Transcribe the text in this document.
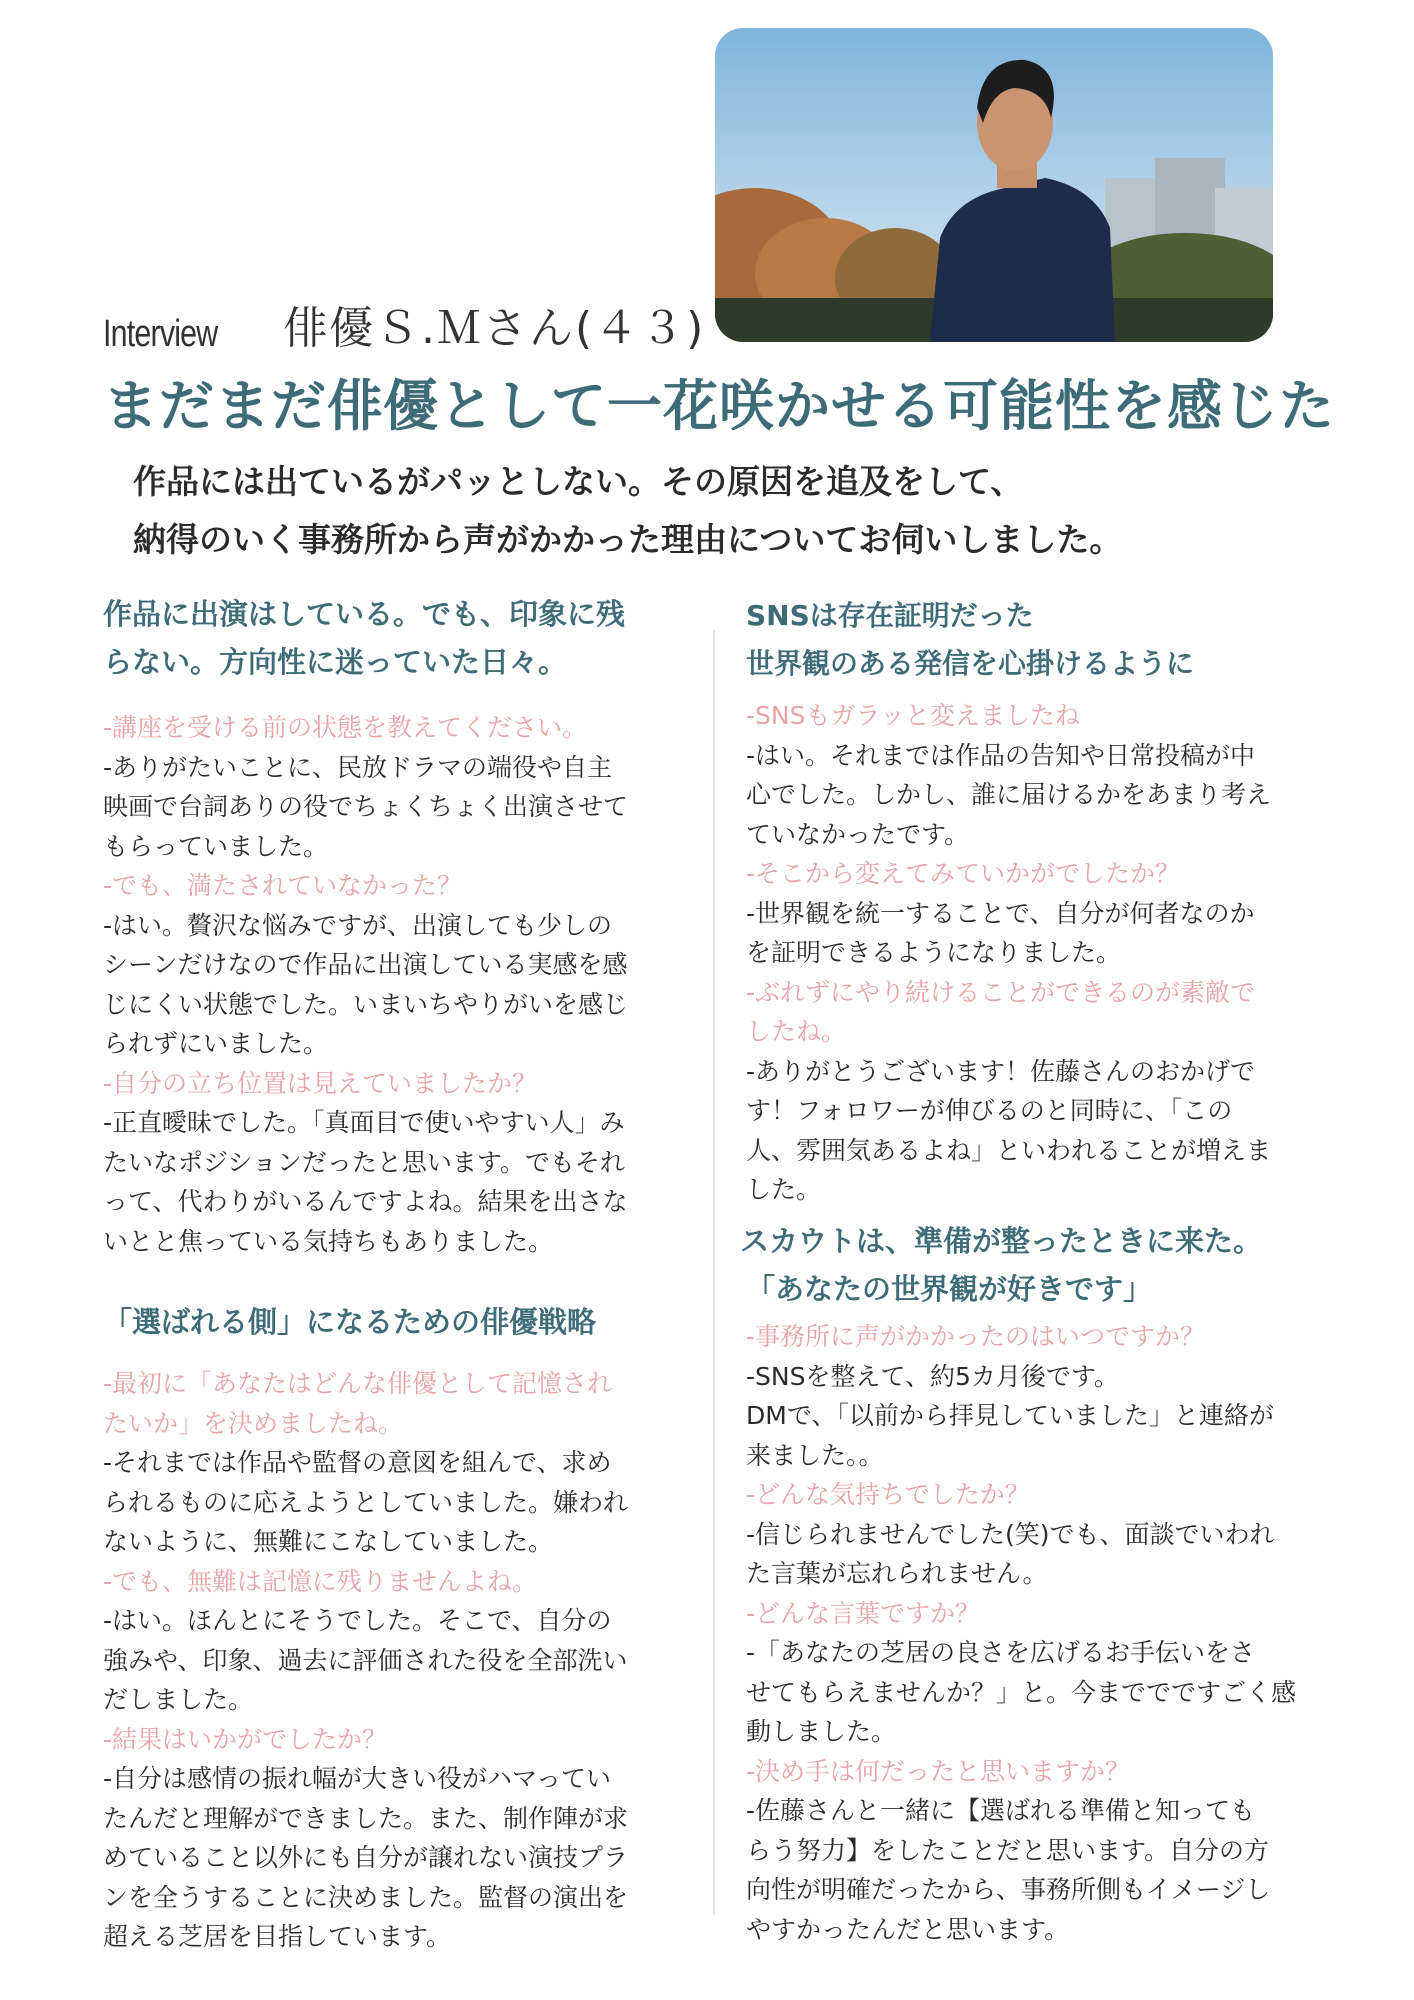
Interview 俳優Ｓ.Ｍさん(４３)
まだまだ俳優として一花咲かせる可能性を感じた
作品には出ているがパッとしない。その原因を追及をして、
納得のいく事務所から声がかかった理由についてお伺いしました。

作品に出演はしている。でも、印象に残

らない。方向性に迷っていた日々。

-講座を受ける前の状態を教えてください。

-ありがたいことに、民放ドラマの端役や自主

映画で台詞ありの役でちょくちょく出演させて

もらっていました。

-でも、満たされていなかった？

-はい。贅沢な悩みですが、出演しても少しの

シーンだけなので作品に出演している実感を感

じにくい状態でした。いまいちやりがいを感じ

られずにいました。

-自分の立ち位置は見えていましたか？

-正直曖昧でした。「真面目で使いやすい人」み

たいなポジションだったと思います。でもそれ

って、代わりがいるんですよね。結果を出さな

いとと焦っている気持ちもありました。

「選ばれる側」になるための俳優戦略

-最初に「あなたはどんな俳優として記憶され

たいか」を決めましたね。

-それまでは作品や監督の意図を組んで、求め

られるものに応えようとしていました。嫌われ

ないように、無難にこなしていました。

-でも、無難は記憶に残りませんよね。

-はい。ほんとにそうでした。そこで、自分の

強みや、印象、過去に評価された役を全部洗い

だしました。

-結果はいかがでしたか？

-自分は感情の振れ幅が大きい役がハマってい

たんだと理解ができました。また、制作陣が求

めていること以外にも自分が譲れない演技プラ

ンを全うすることに決めました。監督の演出を

超える芝居を目指しています。

SNSは存在証明だった

世界観のある発信を心掛けるように

-SNSもガラッと変えましたね

-はい。それまでは作品の告知や日常投稿が中

心でした。しかし、誰に届けるかをあまり考え

ていなかったです。

-そこから変えてみていかがでしたか？

-世界観を統一することで、自分が何者なのか

を証明できるようになりました。

-ぶれずにやり続けることができるのが素敵で

したね。

-ありがとうございます！佐藤さんのおかげで

す！フォロワーが伸びるのと同時に、「この

人、雰囲気あるよね」といわれることが増えま

した。

スカウトは、準備が整ったときに来た。

「あなたの世界観が好きです」

-事務所に声がかかったのはいつですか？

-SNSを整えて、約5カ月後です。

DMで、「以前から拝見していました」と連絡が

来ました。。

-どんな気持ちでしたか？

-信じられませんでした(笑)でも、面談でいわれ

た言葉が忘れられません。

-どんな言葉ですか？

-「あなたの芝居の良さを広げるお手伝いをさ

せてもらえませんか？」と。今まででですごく感

動しました。

-決め手は何だったと思いますか？

-佐藤さんと一緒に【選ばれる準備と知っても

らう努力】をしたことだと思います。自分の方

向性が明確だったから、事務所側もイメージし

やすかったんだと思います。
